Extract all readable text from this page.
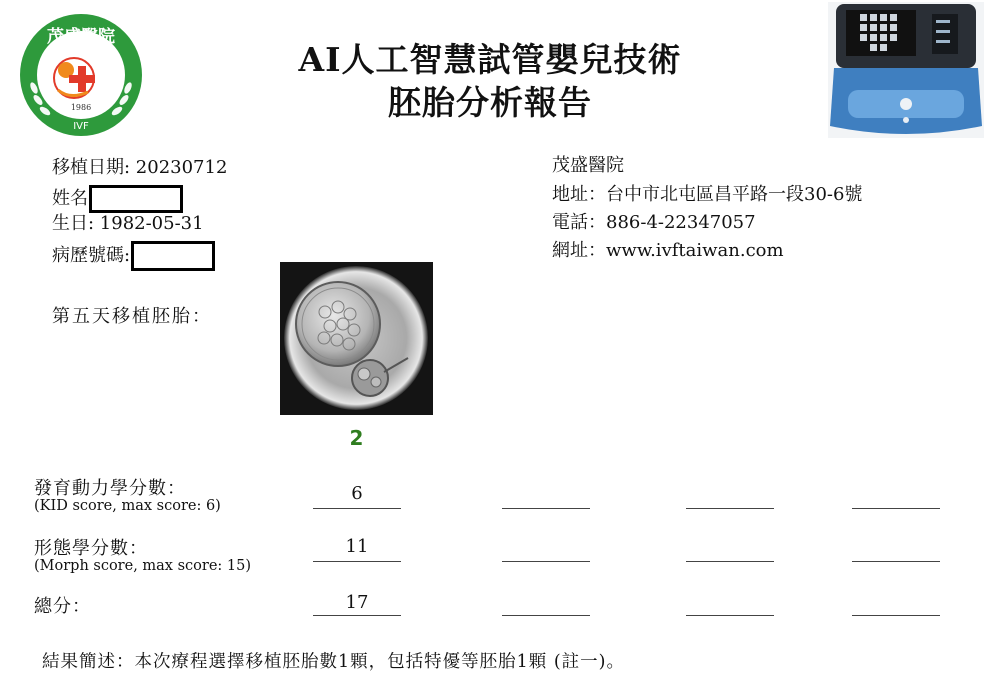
茂盛醫院
1986
IVF
AI人工智慧試管嬰兒技術
胚胎分析報告
移植日期: 20230712
姓名
生日: 1982-05-31
病歷號碼:
茂盛醫院
地址：台中市北屯區昌平路一段30-6號
電話：886-4-22347057
網址：www.ivftaiwan.com
第五天移植胚胎：
2
發育動力學分數：
(KID score, max score: 6)
6
形態學分數：
(Morph score, max score: 15)
11
總分：	17
結果簡述：本次療程選擇移植胚胎數1顆，包括特優等胚胎1顆 (註一)。
